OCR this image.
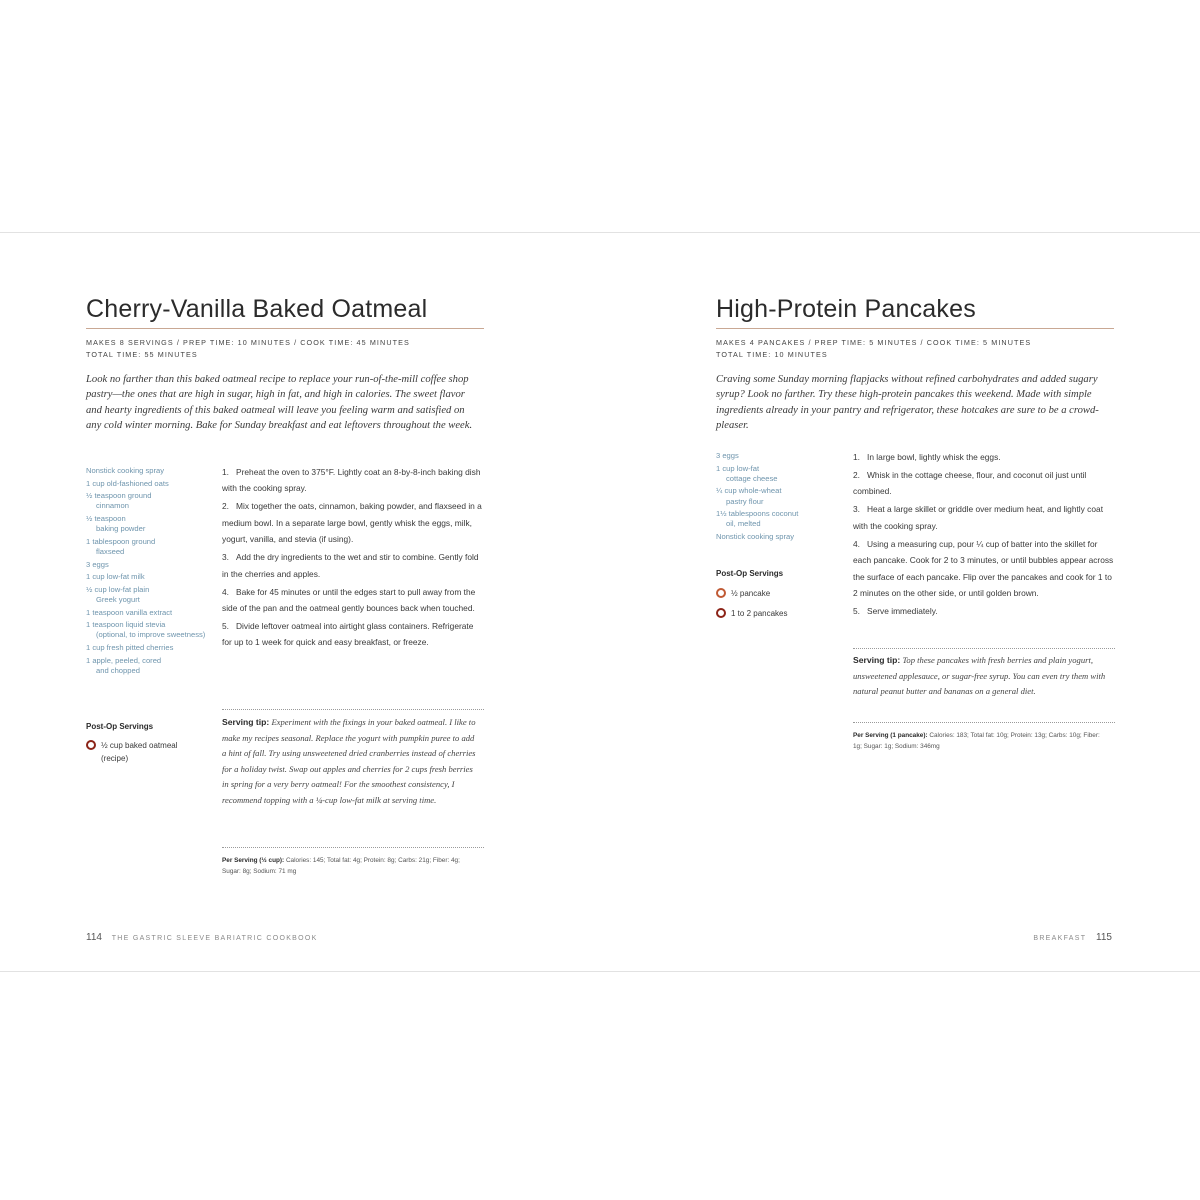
Cherry-Vanilla Baked Oatmeal
MAKES 8 SERVINGS / PREP TIME: 10 MINUTES / COOK TIME: 45 MINUTES
TOTAL TIME: 55 MINUTES
Look no farther than this baked oatmeal recipe to replace your run-of-the-mill coffee shop pastry—the ones that are high in sugar, high in fat, and high in calories. The sweet flavor and hearty ingredients of this baked oatmeal will leave you feeling warm and satisfied on any cold winter morning. Bake for Sunday breakfast and eat leftovers throughout the week.
Nonstick cooking spray
1 cup old-fashioned oats
½ teaspoon ground
cinnamon
½ teaspoon
baking powder
1 tablespoon ground
flaxseed
3 eggs
1 cup low-fat milk
½ cup low-fat plain
Greek yogurt
1 teaspoon vanilla extract
1 teaspoon liquid stevia
(optional, to improve sweetness)
1 cup fresh pitted cherries
1 apple, peeled, cored
and chopped
1. Preheat the oven to 375°F. Lightly coat an 8-by-8-inch baking dish with the cooking spray.
2. Mix together the oats, cinnamon, baking powder, and flaxseed in a medium bowl. In a separate large bowl, gently whisk the eggs, milk, yogurt, vanilla, and stevia (if using).
3. Add the dry ingredients to the wet and stir to combine. Gently fold in the cherries and apples.
4. Bake for 45 minutes or until the edges start to pull away from the side of the pan and the oatmeal gently bounces back when touched.
5. Divide leftover oatmeal into airtight glass containers. Refrigerate for up to 1 week for quick and easy breakfast, or freeze.
Post-Op Servings
½ cup baked oatmeal (recipe)
Serving tip: Experiment with the fixings in your baked oatmeal. I like to make my recipes seasonal. Replace the yogurt with pumpkin puree to add a hint of fall. Try using unsweetened dried cranberries instead of cherries for a holiday twist. Swap out apples and cherries for 2 cups fresh berries in spring for a very berry oatmeal! For the smoothest consistency, I recommend topping with a ¼-cup low-fat milk at serving time.
Per Serving (½ cup): Calories: 145; Total fat: 4g; Protein: 8g; Carbs: 21g; Fiber: 4g; Sugar: 8g; Sodium: 71 mg
114 THE GASTRIC SLEEVE BARIATRIC COOKBOOK
High-Protein Pancakes
MAKES 4 PANCAKES / PREP TIME: 5 MINUTES / COOK TIME: 5 MINUTES
TOTAL TIME: 10 MINUTES
Craving some Sunday morning flapjacks without refined carbohydrates and added sugary syrup? Look no farther. Try these high-protein pancakes this weekend. Made with simple ingredients already in your pantry and refrigerator, these hotcakes are sure to be a crowd-pleaser.
3 eggs
1 cup low-fat
cottage cheese
¼ cup whole-wheat
pastry flour
1½ tablespoons coconut
oil, melted
Nonstick cooking spray
1. In large bowl, lightly whisk the eggs.
2. Whisk in the cottage cheese, flour, and coconut oil just until combined.
3. Heat a large skillet or griddle over medium heat, and lightly coat with the cooking spray.
4. Using a measuring cup, pour ¼ cup of batter into the skillet for each pancake. Cook for 2 to 3 minutes, or until bubbles appear across the surface of each pancake. Flip over the pancakes and cook for 1 to 2 minutes on the other side, or until golden brown.
5. Serve immediately.
Post-Op Servings
½ pancake
1 to 2 pancakes
Serving tip: Top these pancakes with fresh berries and plain yogurt, unsweetened applesauce, or sugar-free syrup. You can even try them with natural peanut butter and bananas on a general diet.
Per Serving (1 pancake): Calories: 183; Total fat: 10g; Protein: 13g; Carbs: 10g; Fiber: 1g; Sugar: 1g; Sodium: 346mg
BREAKFAST 115
